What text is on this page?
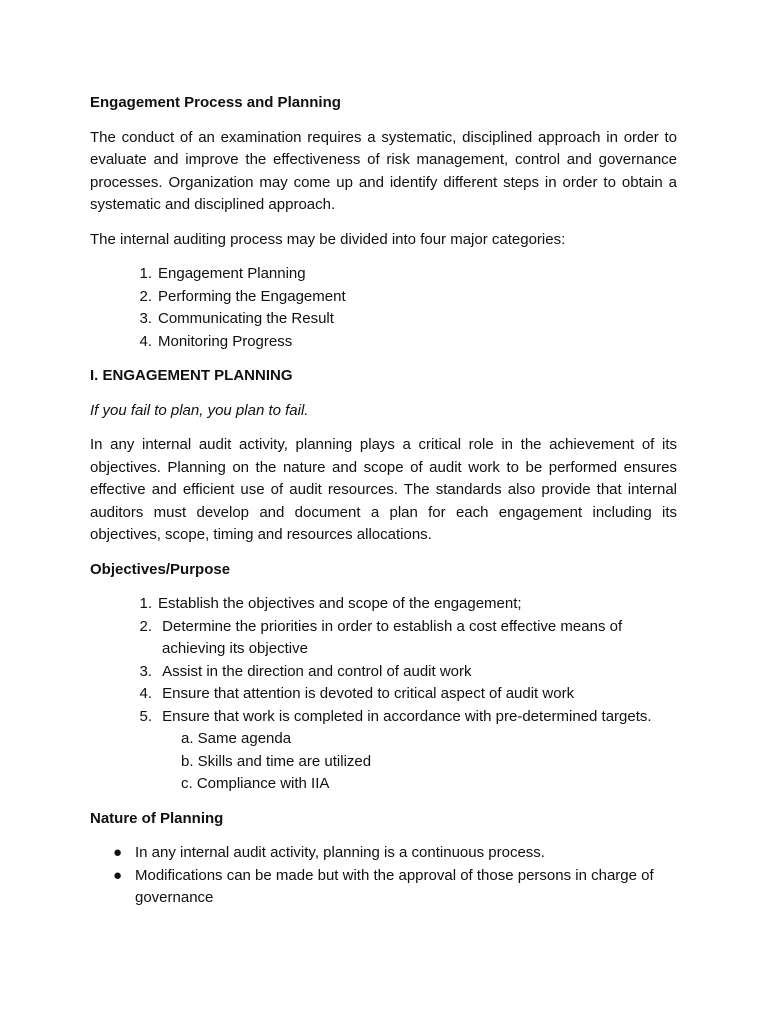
Engagement Process and Planning

The conduct of an examination requires a systematic, disciplined approach in order to evaluate and improve the effectiveness of risk management, control and governance processes. Organization may come up and identify different steps in order to obtain a systematic and disciplined approach.

The internal auditing process may be divided into four major categories:

1. Engagement Planning
2. Performing the Engagement
3. Communicating the Result
4. Monitoring Progress

I. ENGAGEMENT PLANNING

If you fail to plan, you plan to fail.

In any internal audit activity, planning plays a critical role in the achievement of its objectives. Planning on the nature and scope of audit work to be performed ensures effective and efficient use of audit resources. The standards also provide that internal auditors must develop and document a plan for each engagement including its objectives, scope, timing and resources allocations.

Objectives/Purpose

1. Establish the objectives and scope of the engagement;
2. Determine the priorities in order to establish a cost effective means of achieving its objective
3. Assist in the direction and control of audit work
4. Ensure that attention is devoted to critical aspect of audit work
5. Ensure that work is completed in accordance with pre-determined targets.
a. Same agenda
b. Skills and time are utilized
c. Compliance with IIA

Nature of Planning

● In any internal audit activity, planning is a continuous process.
● Modifications can be made but with the approval of those persons in charge of governance
